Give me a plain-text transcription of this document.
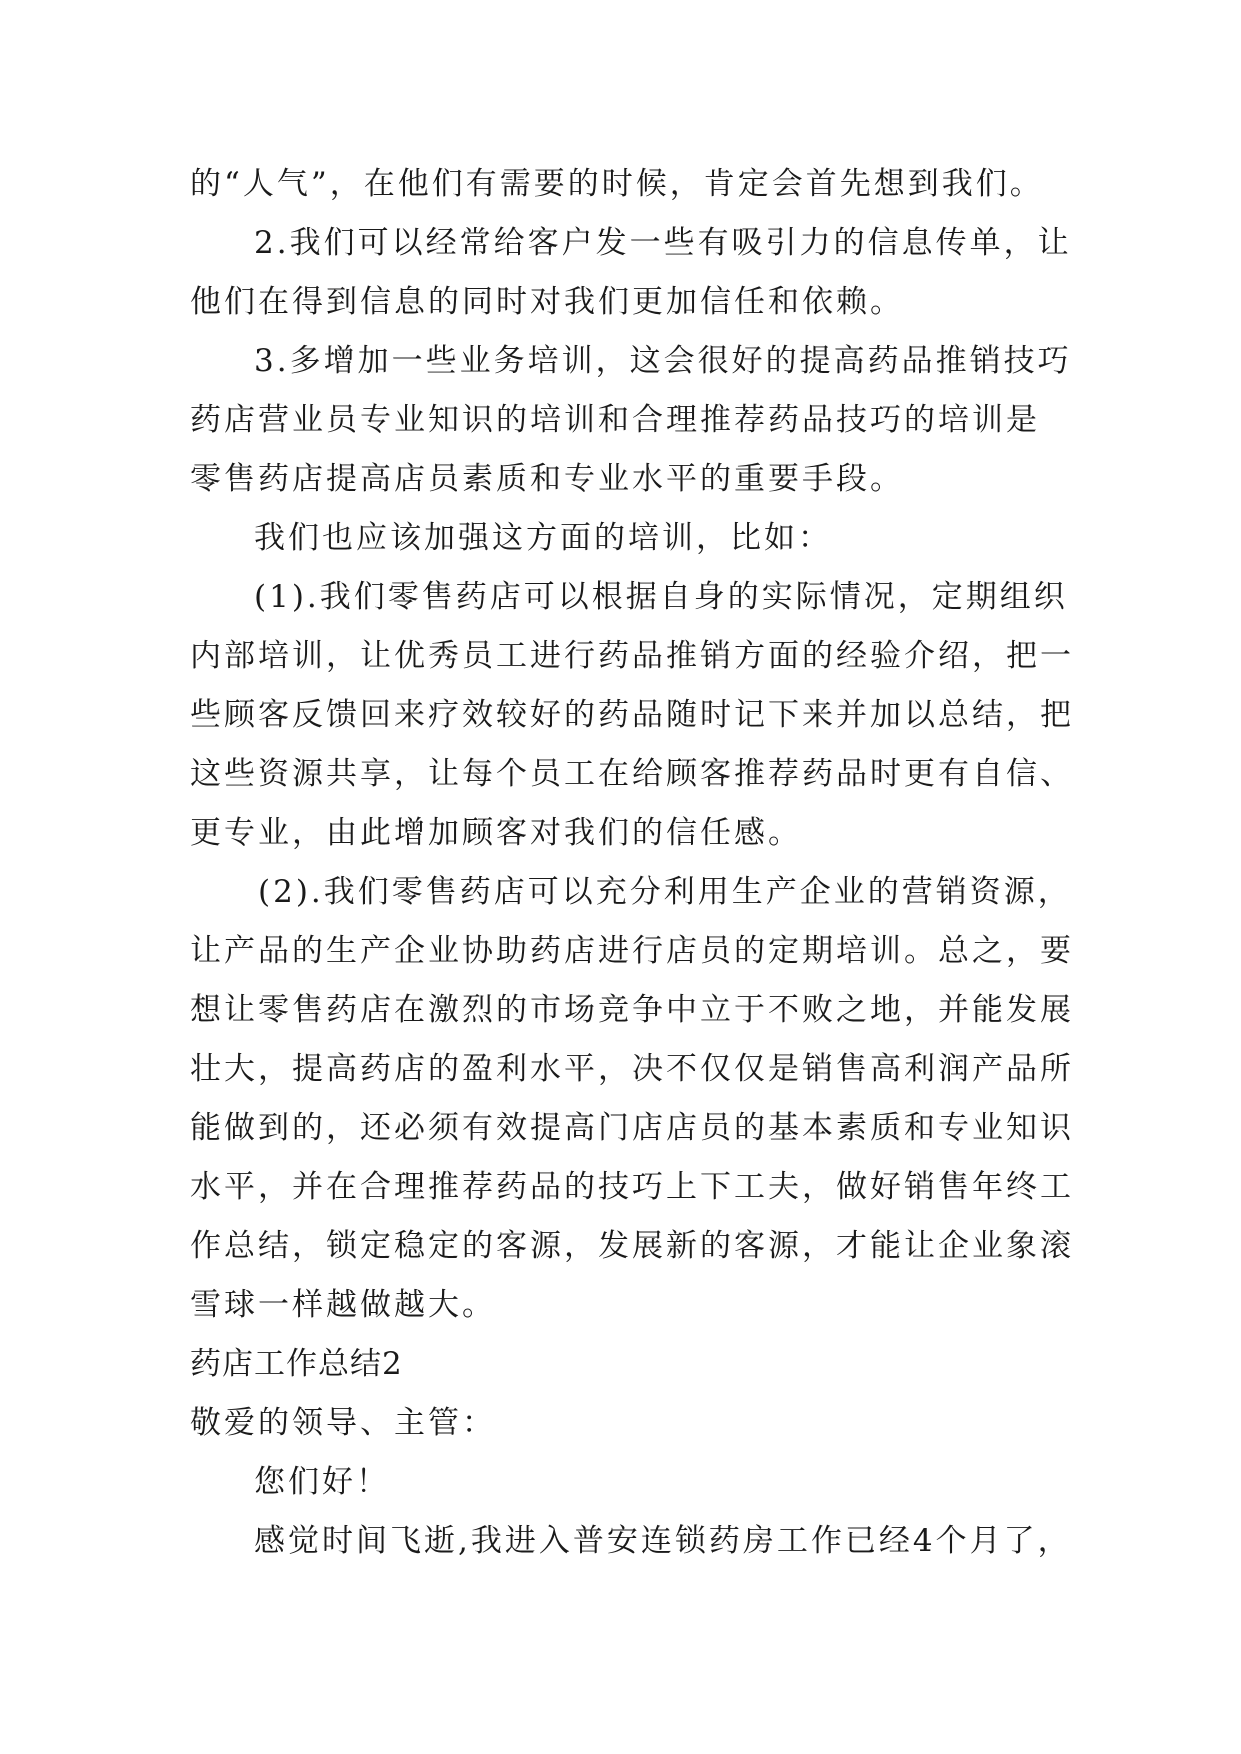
的“人气”，在他们有需要的时候，肯定会首先想到我们。
2.我们可以经常给客户发一些有吸引力的信息传单，让
他们在得到信息的同时对我们更加信任和依赖。
3.多增加一些业务培训，这会很好的提高药品推销技巧
药店营业员专业知识的培训和合理推荐药品技巧的培训是
零售药店提高店员素质和专业水平的重要手段。
我们也应该加强这方面的培训，比如：
(1).我们零售药店可以根据自身的实际情况，定期组织
内部培训，让优秀员工进行药品推销方面的经验介绍，把一
些顾客反馈回来疗效较好的药品随时记下来并加以总结，把
这些资源共享，让每个员工在给顾客推荐药品时更有自信、
更专业，由此增加顾客对我们的信任感。
(2).我们零售药店可以充分利用生产企业的营销资源，
让产品的生产企业协助药店进行店员的定期培训。总之，要
想让零售药店在激烈的市场竞争中立于不败之地，并能发展
壮大，提高药店的盈利水平，决不仅仅是销售高利润产品所
能做到的，还必须有效提高门店店员的基本素质和专业知识
水平，并在合理推荐药品的技巧上下工夫，做好销售年终工
作总结，锁定稳定的客源，发展新的客源，才能让企业象滚
雪球一样越做越大。
药店工作总结2
敬爱的领导、主管：
您们好！
感觉时间飞逝,我进入普安连锁药房工作已经4个月了，
